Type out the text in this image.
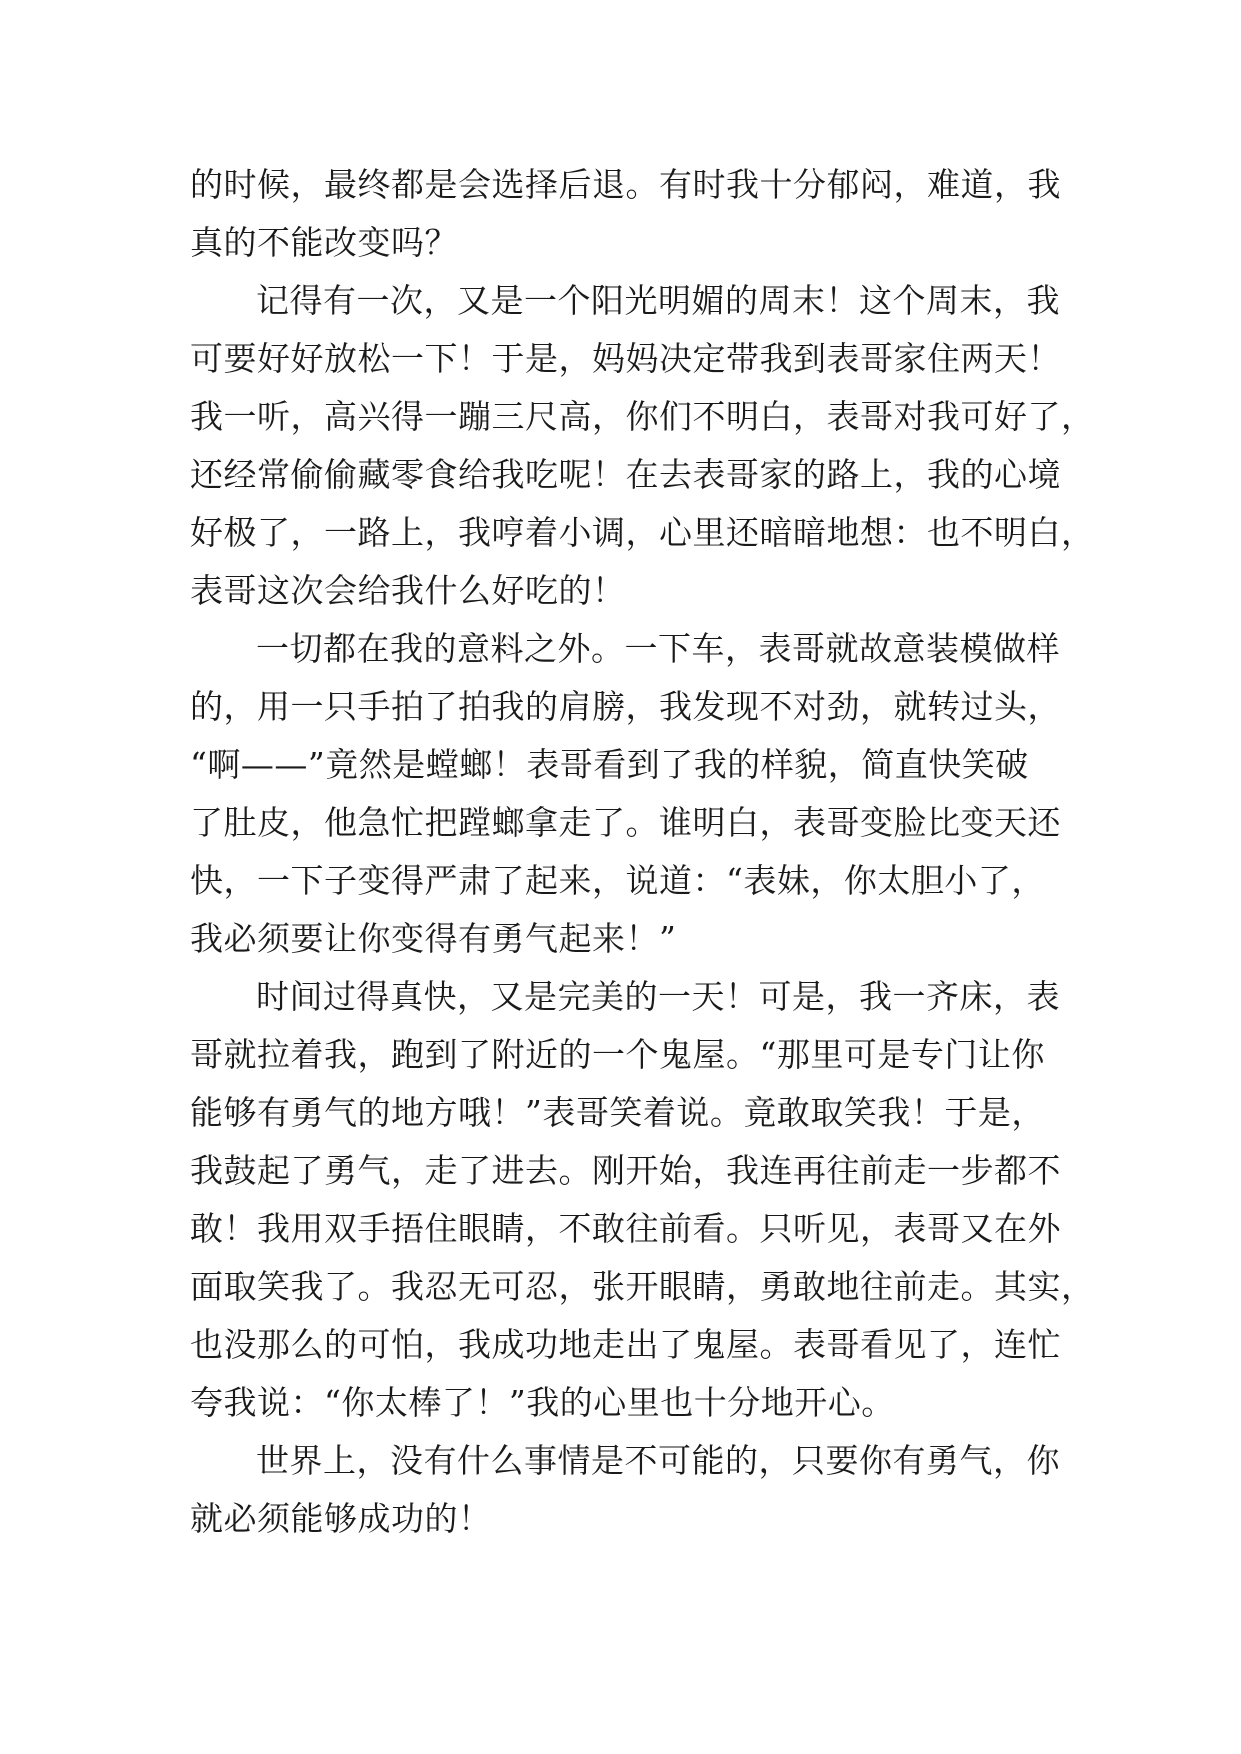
的时候，最终都是会选择后退。有时我十分郁闷，难道，我
真的不能改变吗？
记得有一次，又是一个阳光明媚的周末！这个周末，我
可要好好放松一下！于是，妈妈决定带我到表哥家住两天！
我一听，高兴得一蹦三尺高，你们不明白，表哥对我可好了，
还经常偷偷藏零食给我吃呢！在去表哥家的路上，我的心境
好极了，一路上，我哼着小调，心里还暗暗地想：也不明白，
表哥这次会给我什么好吃的！
一切都在我的意料之外。一下车，表哥就故意装模做样
的，用一只手拍了拍我的肩膀，我发现不对劲，就转过头，
“啊——”竟然是螳螂！表哥看到了我的样貌，简直快笑破
了肚皮，他急忙把蹚螂拿走了。谁明白，表哥变脸比变天还
快，一下子变得严肃了起来，说道：“表妹，你太胆小了，
我必须要让你变得有勇气起来！”
时间过得真快，又是完美的一天！可是，我一齐床，表
哥就拉着我，跑到了附近的一个鬼屋。“那里可是专门让你
能够有勇气的地方哦！”表哥笑着说。竟敢取笑我！于是，
我鼓起了勇气，走了进去。刚开始，我连再往前走一步都不
敢！我用双手捂住眼睛，不敢往前看。只听见，表哥又在外
面取笑我了。我忍无可忍，张开眼睛，勇敢地往前走。其实，
也没那么的可怕，我成功地走出了鬼屋。表哥看见了，连忙
夸我说：“你太棒了！”我的心里也十分地开心。
世界上，没有什么事情是不可能的，只要你有勇气，你
就必须能够成功的！
